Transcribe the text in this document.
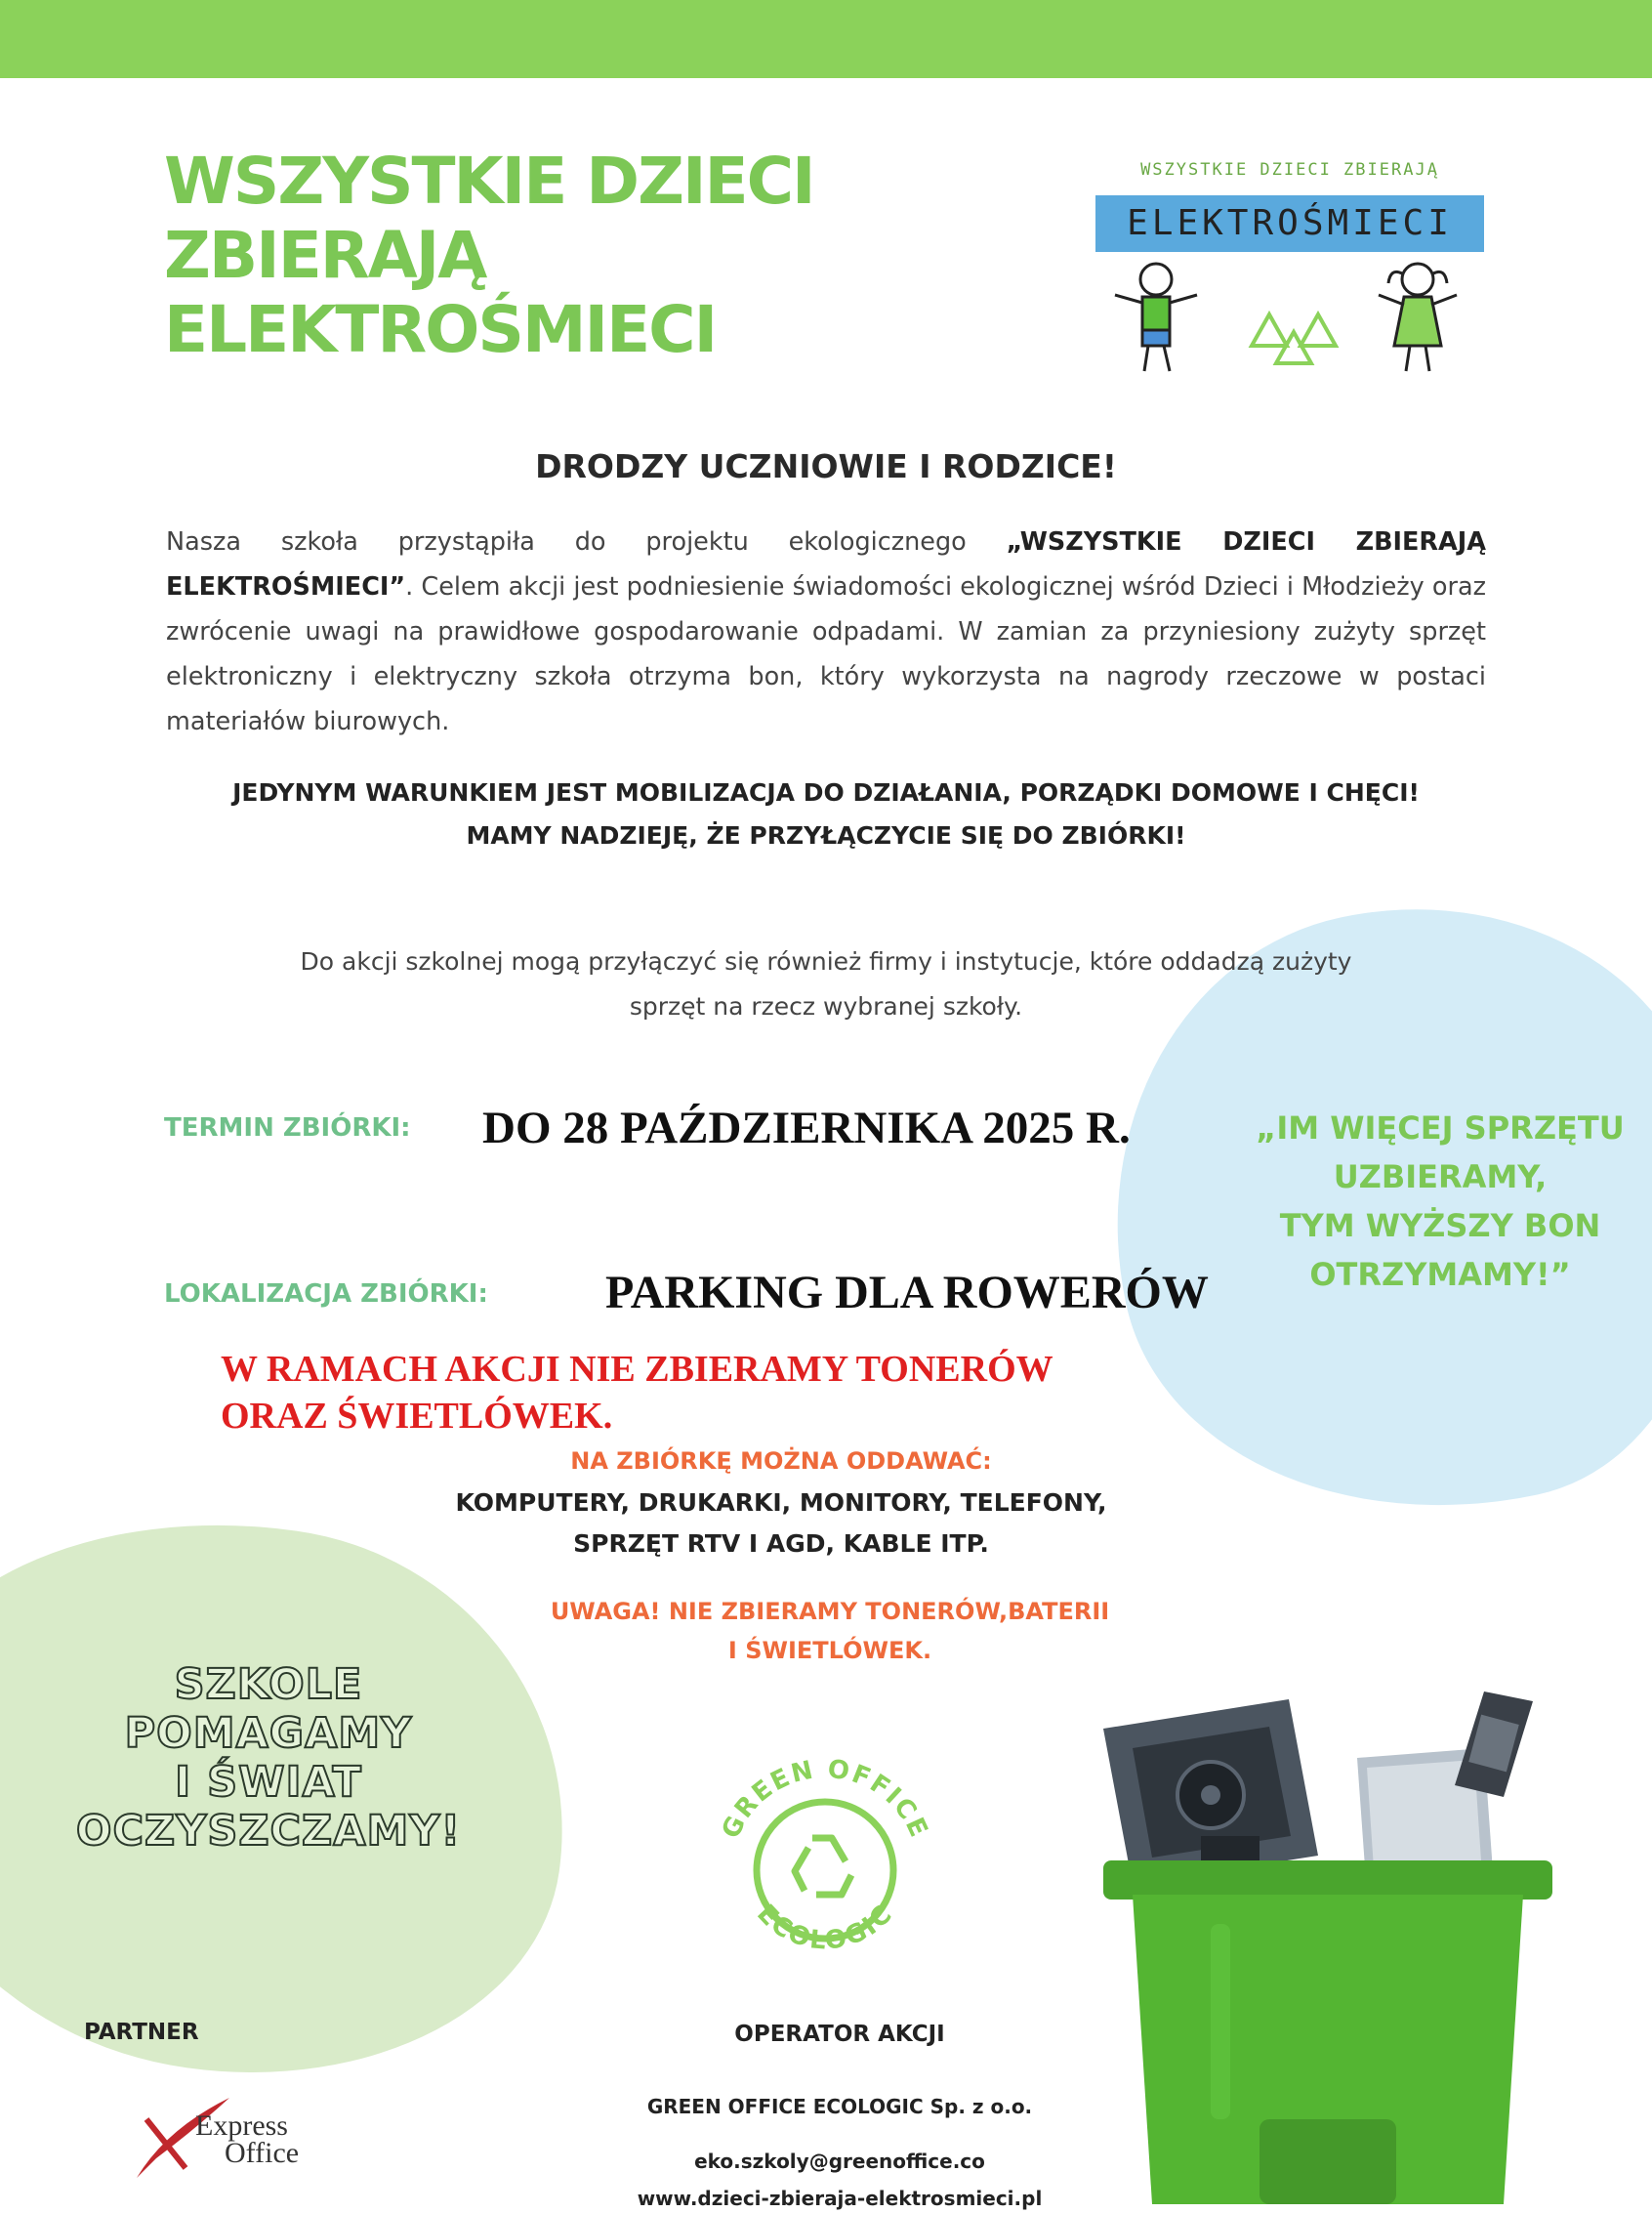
WSZYSTKIE DZIECI
ZBIERAJĄ
ELEKTROŚMIECI
WSZYSTKIE DZIECI ZBIERAJĄ
ELEKTROŚMIECI
DRODZY UCZNIOWIE I RODZICE!
Nasza szkoła przystąpiła do projektu ekologicznego „WSZYSTKIE DZIECI ZBIERAJĄ ELEKTROŚMIECI”. Celem akcji jest podniesienie świadomości ekologicznej wśród Dzieci i Młodzieży oraz zwrócenie uwagi na prawidłowe gospodarowanie odpadami. W zamian za przyniesiony zużyty sprzęt elektroniczny i elektryczny szkoła otrzyma bon, który wykorzysta na nagrody rzeczowe w postaci materiałów biurowych.
JEDYNYM WARUNKIEM JEST MOBILIZACJA DO DZIAŁANIA, PORZĄDKI DOMOWE I CHĘCI!
MAMY NADZIEJĘ, ŻE PRZYŁĄCZYCIE SIĘ DO ZBIÓRKI!
Do akcji szkolnej mogą przyłączyć się również firmy i instytucje, które oddadzą zużyty
sprzęt na rzecz wybranej szkoły.
TERMIN ZBIÓRKI: DO 28 PAŹDZIERNIKA 2025 R.	„IM WIĘCEJ SPRZĘTU
UZBIERAMY,
TYM WYŻSZY BON
OTRZYMAMY!”
LOKALIZACJA ZBIÓRKI:	PARKING DLA ROWERÓW
W RAMACH AKCJI NIE ZBIERAMY TONERÓW
ORAZ ŚWIETLÓWEK.
NA ZBIÓRKĘ MOŻNA ODDAWAĆ:
KOMPUTERY, DRUKARKI, MONITORY, TELEFONY,
SPRZĘT RTV I AGD, KABLE ITP.
UWAGA! NIE ZBIERAMY TONERÓW,BATERII
I ŚWIETLÓWEK.
SZKOLE
POMAGAMY
I ŚWIAT
OCZYSZCZAMY!	GREEN OFFICE
ECOLOGIC
PARTNER
Express
Office
OPERATOR AKCJI
GREEN OFFICE ECOLOGIC Sp. z o.o.
eko.szkoly@greenoffice.co
www.dzieci-zbieraja-elektrosmieci.pl
